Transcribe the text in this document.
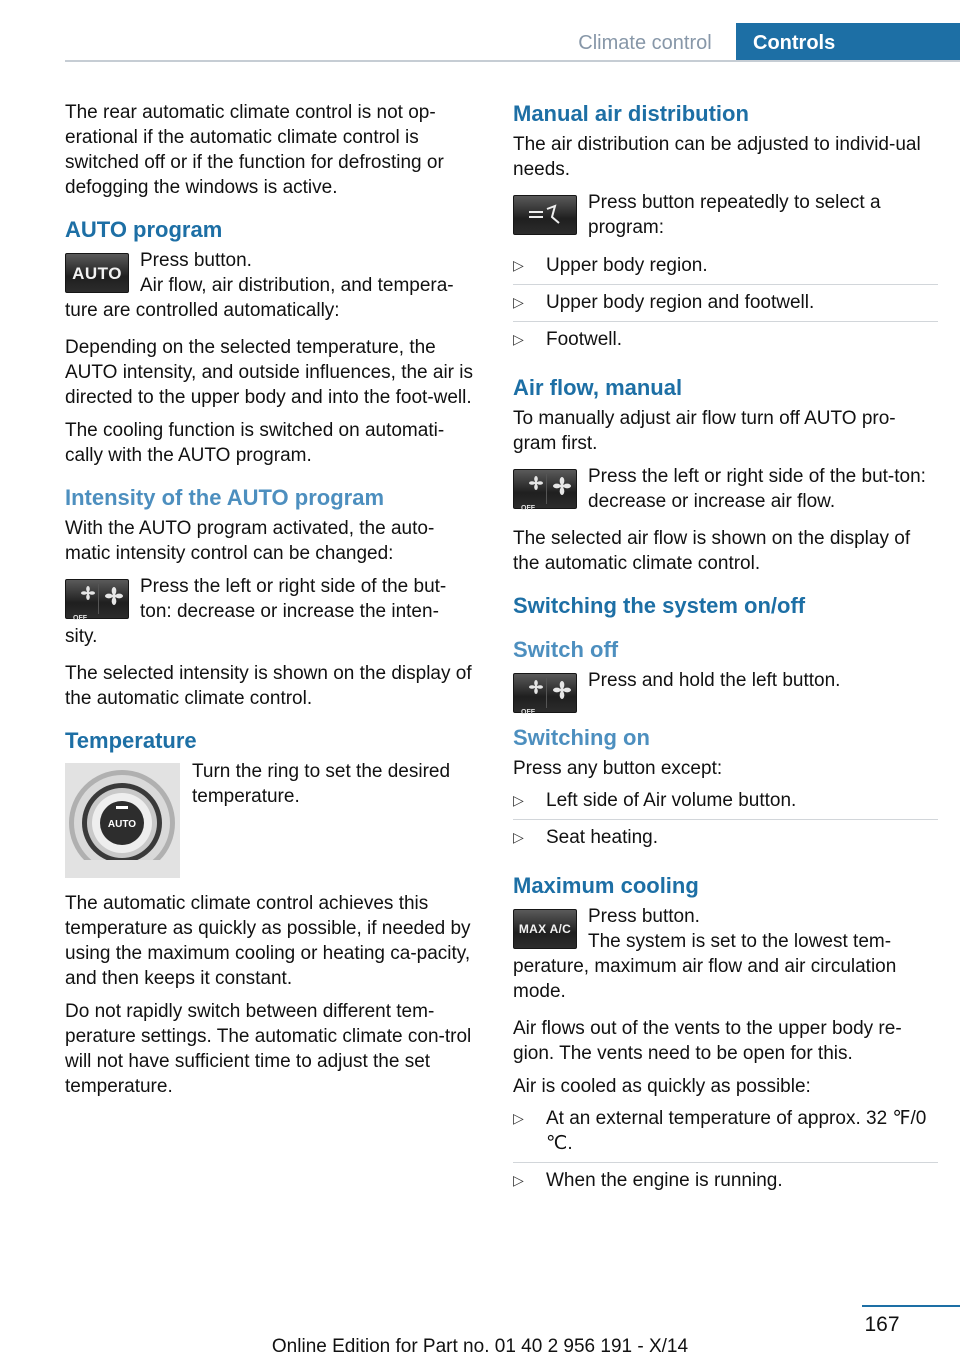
Climate control	Controls

The rear automatic climate control is not op-erational if the automatic climate control is switched off or if the function for defrosting or defogging the windows is active.

AUTO program
AUTO

Press button.

Air flow, air distribution, and tempera-

ture are controlled automatically:

Depending on the selected temperature, the AUTO intensity, and outside influences, the air is directed to the upper body and into the foot-well.

The cooling function is switched on automati-cally with the AUTO program.

Intensity of the AUTO program

With the AUTO program activated, the auto-matic intensity control can be changed:

OFF

Press the left or right side of the but-ton: decrease or increase the inten-

sity.

The selected intensity is shown on the display of the automatic climate control.

Temperature
AUTO

Turn the ring to set the desired temperature.

The automatic climate control achieves this temperature as quickly as possible, if needed by using the maximum cooling or heating ca-pacity, and then keeps it constant.

Do not rapidly switch between different tem-perature settings. The automatic climate con-trol will not have sufficient time to adjust the set temperature.

Manual air distribution

The air distribution can be adjusted to individ-ual needs.

Press button repeatedly to select a program:

▷ Upper body region.
▷ Upper body region and footwell.
▷ Footwell.
Air flow, manual

To manually adjust air flow turn off AUTO pro-gram first.

OFF

Press the left or right side of the but-ton: decrease or increase air flow.

The selected air flow is shown on the display of the automatic climate control.

Switching the system on/off
Switch off
OFF

Press and hold the left button.

Switching on

Press any button except:

▷ Left side of Air volume button.
▷ Seat heating.
Maximum cooling
MAX A/C

Press button.

The system is set to the lowest tem-

perature, maximum air flow and air circulation mode.

Air flows out of the vents to the upper body re-gion. The vents need to be open for this.

Air is cooled as quickly as possible:

▷ At an external temperature of approx. 32 ℉/0 ℃.
▷ When the engine is running.
167
Online Edition for Part no. 01 40 2 956 191 - X/14
